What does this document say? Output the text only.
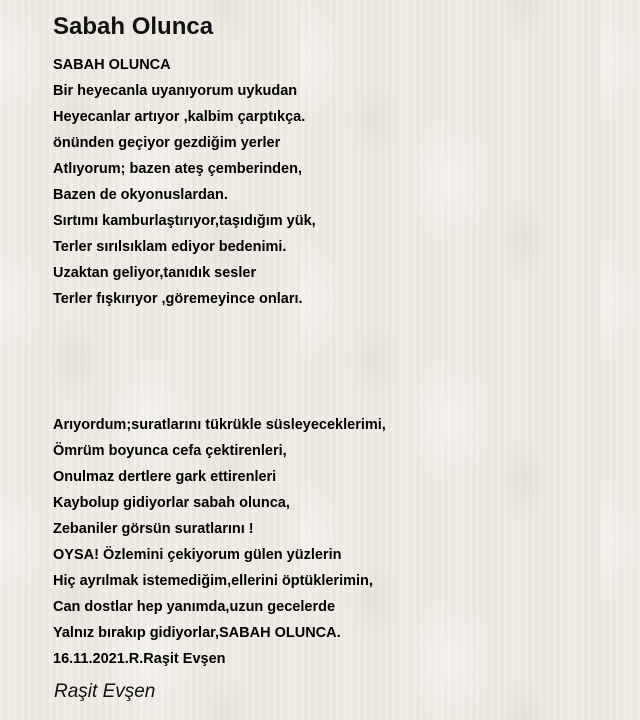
Sabah Olunca
SABAH OLUNCA
Bir heyecanla uyanıyorum uykudan
Heyecanlar artıyor ,kalbim çarptıkça.
önünden geçiyor gezdiğim yerler
Atlıyorum; bazen ateş çemberinden,
Bazen de okyonuslardan.
Sırtımı kamburlaştırıyor,taşıdığım yük,
Terler sırılsıklam ediyor bedenimi.
Uzaktan geliyor,tanıdık sesler
Terler fışkırıyor ,göremeyince onları.
Arıyordum;suratlarını tükrükle süsleyeceklerimi,
Ömrüm boyunca cefa çektirenleri,
Onulmaz dertlere gark ettirenleri
Kaybolup gidiyorlar sabah olunca,
Zebaniler görsün suratlarını !
OYSA! Özlemini çekiyorum gülen yüzlerin
Hiç ayrılmak istemediğim,ellerini öptüklerimin,
Can dostlar hep yanımda,uzun gecelerde
Yalnız bırakıp gidiyorlar,SABAH OLUNCA.
16.11.2021.R.Raşit Evşen
Raşit Evşen
